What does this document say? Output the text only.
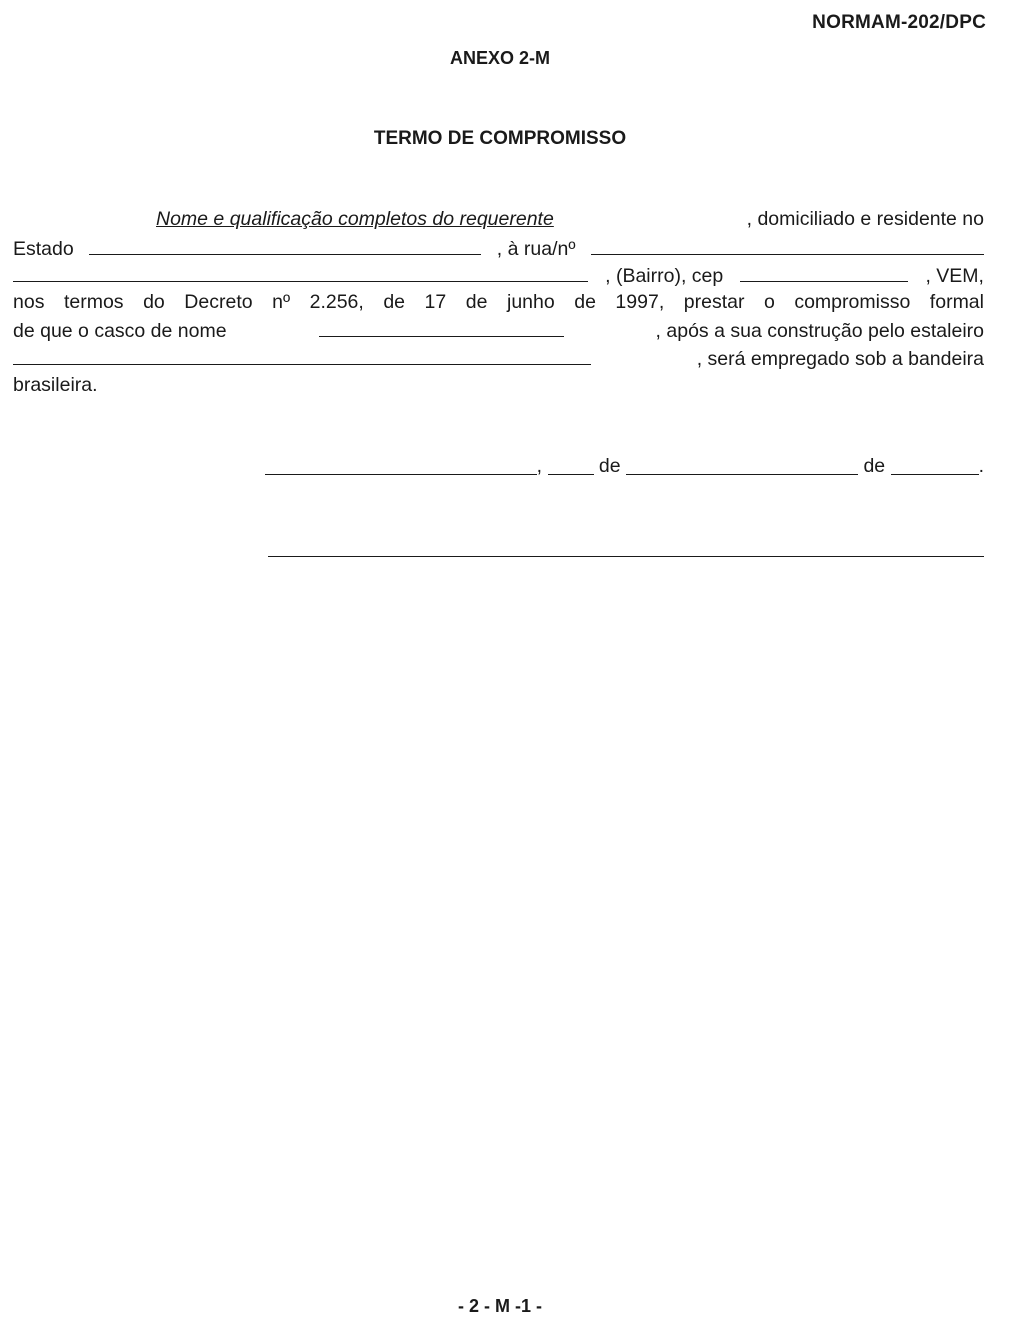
NORMAM-202/DPC
ANEXO 2-M
TERMO DE COMPROMISSO
Nome e qualificação completos do requerente	, domiciliado e residente no
Estado	, à rua/nº
, (Bairro), cep	, VEM,
nos termos do Decreto nº 2.256, de 17 de junho de 1997, prestar o compromisso formal
de que o casco de nome	, após a sua construção pelo estaleiro
, será empregado sob a bandeira
brasileira.
,  de	de	.
- 2 - M -1 -
